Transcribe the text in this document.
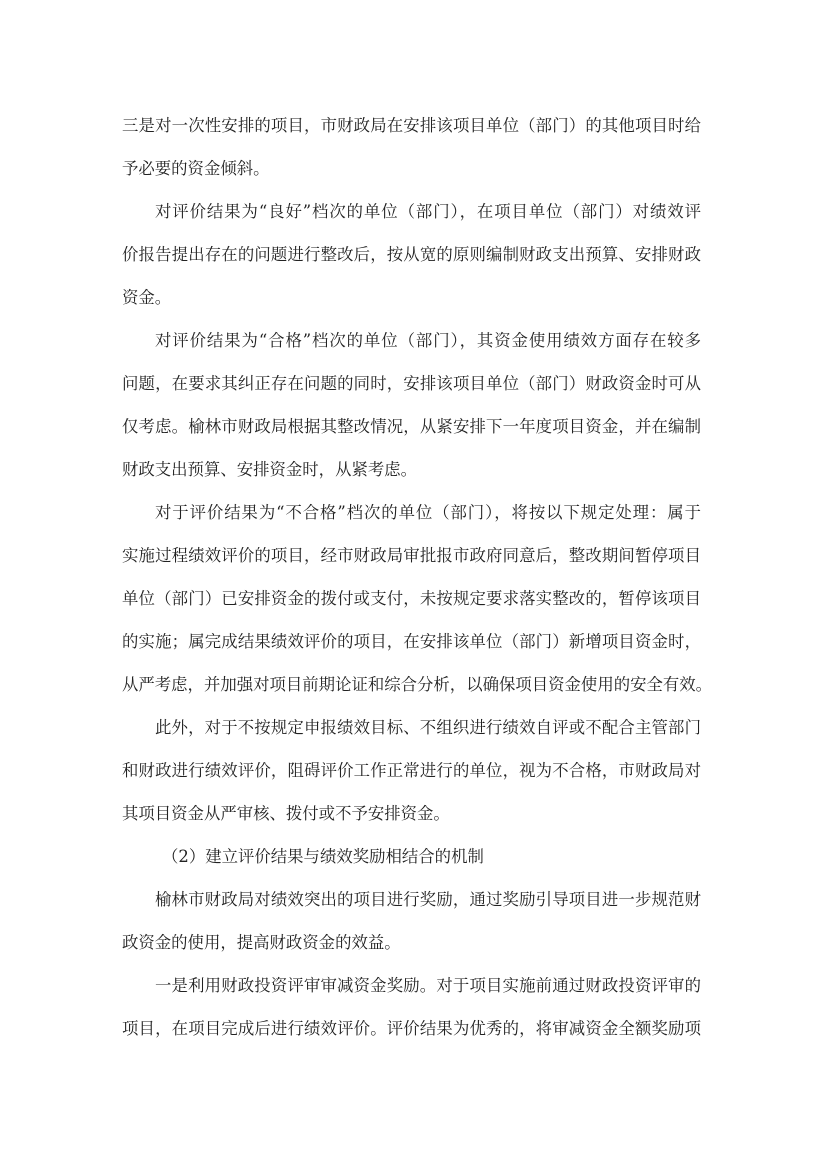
三是对一次性安排的项目，市财政局在安排该项目单位（部门）的其他项目时给
予必要的资金倾斜。
对评价结果为“良好”档次的单位（部门），在项目单位（部门）对绩效评
价报告提出存在的问题进行整改后，按从宽的原则编制财政支出预算、安排财政
资金。
对评价结果为“合格”档次的单位（部门），其资金使用绩效方面存在较多
问题，在要求其纠正存在问题的同时，安排该项目单位（部门）财政资金时可从
仅考虑。榆林市财政局根据其整改情况，从紧安排下一年度项目资金，并在编制
财政支出预算、安排资金时，从紧考虑。
对于评价结果为“不合格”档次的单位（部门），将按以下规定处理：属于
实施过程绩效评价的项目，经市财政局审批报市政府同意后，整改期间暂停项目
单位（部门）已安排资金的拨付或支付，未按规定要求落实整改的，暂停该项目
的实施；属完成结果绩效评价的项目，在安排该单位（部门）新增项目资金时，
从严考虑，并加强对项目前期论证和综合分析，以确保项目资金使用的安全有效。
此外，对于不按规定申报绩效目标、不组织进行绩效自评或不配合主管部门
和财政进行绩效评价，阻碍评价工作正常进行的单位，视为不合格，市财政局对
其项目资金从严审核、拨付或不予安排资金。
（2）建立评价结果与绩效奖励相结合的机制
榆林市财政局对绩效突出的项目进行奖励，通过奖励引导项目进一步规范财
政资金的使用，提高财政资金的效益。
一是利用财政投资评审审减资金奖励。对于项目实施前通过财政投资评审的
项目，在项目完成后进行绩效评价。评价结果为优秀的，将审减资金全额奖励项
